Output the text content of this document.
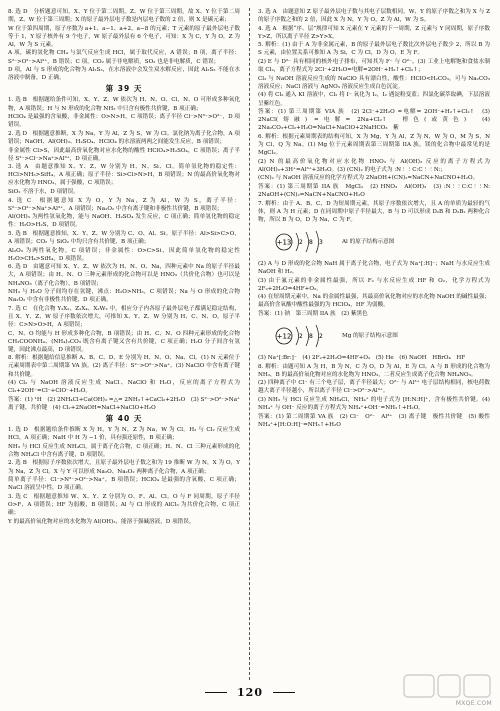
8. 选 D　分析题意可知，X、Y 位于第二周期，Z、W 位于第三周期，故 X、Y 位于第二周期，Z、W 位于第三周期；X 的原子最外层电子数是内层电子数的 2 倍，则 X 是碳元素；

W 位于第四周期，原子序数为 a+1、a−1、a+2、a−8 的元素；T 元素的原子最外层电子数等于 1，Y 原子核外有 9 个电子，W 原子最外层有 6 个电子，可知：X 为 C，Y 为 O，Z 为 Al，W 为 S 元素。

A 项，碳的氢化物 CH₄ 与氯气反应生成 HCl，属于取代反应，A 错误；B 项，离子半径：S²⁻>O²⁻>Al³⁺，B 错误；C 项，CO₂ 属于非电解质，SO₂ 也是非电解质，C 错误；

D 项，Al 与 S 形成的化合物为 Al₂S₃，在水溶液中会发生双水解反应，因此 Al₂S₃ 不能在水溶液中制备，D 正确。

第 39 天

1. 选 B　根据题给条件可知，X、Y、Z、W 依次为 H、N、O、Cl，N、O 可形成多种氧化物，A 项错误；H 与 N 形成的化合物 NH₃ 中只含有极性共价键，B 项正确；

HClO₄ 是最强的含氧酸，非金属性：O>N>H，C 项错误；离子半径 Cl⁻>N³⁻>O²⁻，D 项错误。

2. 选 D　根据题意推断，X 为 Na，Y 为 Al，Z 为 S，W 为 Cl。氯化钠为离子化合物，A 项错误；NaOH、Al(OH)₃、H₂SO₄、HClO₄ 的水溶液两两之间能发生反应，B 项错误；

非金属性 Cl>S，因此最高价氧化物对应水化物的酸性 HClO₄>H₂SO₄，C 项错误；离子半径 S²⁻>Cl⁻>Na⁺>Al³⁺，D 项正确。

3. 选 A　由题意推知 X、Y、Z、W 分别为 H、N、Si、Cl。简单氢化物的稳定性：HCl>NH₃>SiH₄，A 项正确；原子半径：Si>Cl>N>H，B 项错误；N 的最高价氧化物对应水化物为 HNO₃，属于强酸，C 项错误；

SiO₂ 不溶于水，D 项错误。

4. 选 C　根据题意知 X 为 O，Y 为 Na，Z 为 Al，W 为 S，离子半径：S²⁻>O²⁻>Na⁺>Al³⁺，A 项错误；Na₂O₂ 中含有离子键和非极性共价键，B 项错误；

Al(OH)₃ 为两性氢氧化物，能与 NaOH、H₂SO₄ 发生反应，C 项正确；简单氢化物的稳定性：H₂O>H₂S，D 项错误。

5. 选 B　根据题意推知，X、Y、Z、W 分别为 C、O、Al、Si。原子半径：Al>Si>C>O，A 项错误；CO₂ 与 SiO₂ 中均只含有共价键，B 项正确；

Al₂O₃ 为两性氧化物，C 项错误；非金属性：O>C>Si，因此简单氢化物的稳定性 H₂O>CH₄>SiH₄，D 项错误。

6. 选 D　由题意可知 X、Y、Z、W 依次为 H、N、O、Na，四种元素中 Na 的原子半径最大，A 项错误；由 H、N、O 三种元素形成的化合物可以是 HNO₃（共价化合物）也可以是 NH₄NO₃（离子化合物），B 项错误；

NH₃ 与 H₂O 分子间均存在氢键，沸点：H₂O>NH₃，C 项错误；Na 与 O 形成的化合物 Na₂O₂ 中含有非极性共价键，D 项正确。

7. 选 C　在化合物 Y₂X₂、Z₂X₄、X₂W₂ 中，相应分子内各原子最外层电子都满足稳定结构，且 X、Y、Z、W 原子序数依次增大，可推知 X、Y、Z、W 分别为 H、C、N、O。原子半径：C>N>O>H，A 项错误；

C、N、O 均能与 H 形成多种化合物，B 项错误；由 H、C、N、O 四种元素形成的化合物 CH₃COONH₄、(NH₄)₂CO₃ 既含有离子键又含有共价键，C 项正确；H₂O 分子间含有氢键，因此沸点最高，D 项错误。

8. 解析：根据题给信息推断 A、B、C、D、E 分别为 H、N、O、Na、Cl。(1) N 元素位于元素周期表中第二周期第 VA 族。(2) 离子半径：S²⁻>O²⁻>Na⁺。(3) NaClO 中含有离子键和共价键。

(4) Cl₂ 与 NaOH 溶液反应生成 NaCl、NaClO 和 H₂O，反应的离子方程式为 Cl₂+2OH⁻=Cl⁻+ClO⁻+H₂O。

答案：(1) ¹H　(2) 2NH₄Cl+Ca(OH)₂ =△= 2NH₃↑+CaCl₂+2H₂O　(3) S²⁻>O²⁻>Na⁺　离子键、共价键　(4) Cl₂+2NaOH=NaCl+NaClO+H₂O

第 40 天

1. 选 D　根据题给条件推断 X 为 H，Y 为 N，Z 为 Na，W 为 Cl。H₂ 与 Cl₂ 反应生成 HCl，A 项正确；NaH 中 H 为 −1 价，具有强还原性，B 项正确；

NH₃ 与 HCl 反应生成 NH₄Cl，属于离子化合物，C 项正确；H、N、Cl 三种元素形成的化合物 NH₄Cl 中含有离子键，D 项错误。

2. 选 B　根据原子序数依次增大，且原子最外层电子数之和为 19 推断 W 为 N，X 为 O，Y 为 Na，Z 为 Cl。X 与 Y 可以形成 Na₂O、Na₂O₂ 两种离子化合物，A 项正确；

简单离子半径：Cl⁻>N³⁻>O²⁻>Na⁺，B 项错误；HClO₄ 是最强的含氧酸，C 项正确；NaCl 溶液呈中性，D 项正确。

3. 选 C　根据题意推知 W、X、Y、Z 分别为 O、F、Al、Cl。O 与 F 同周期，原子半径 O>F，A 项错误；HF 为弱酸，B 项错误；Al 与 Cl 形成的 AlCl₃ 为共价化合物，C 项正确；

Y 的最高价氧化物对应的水化物为 Al(OH)₃，能溶于强碱溶液，D 项错误。

3. 选 A　由题意知 Z 原子最外层电子数与其电子层数相同，W、Y 的原子序数之和为 X 与 Z 的原子序数之和的 2 倍，因此 X 为 N，Y 为 O，Z 为 Al，W 为 S。

4. 选 A　根据“序、层”规律可知 X 元素在 Y 元素的下一周期，Z 元素与 Y 同周期，原子序数 Y>Z，所以离子半径 Z>Y>X。

5. 解析：(1) 由于 A 为非金属元素，B 的原子最外层电子数比次外层电子数少 2，所以 B 为 S 元素，由位置关系可推知 A 为 Si，C 为 Cl，D 为 O，E 为 F。

(2) E 与 D²⁻ 具有相同的核外电子排布，可知其为 F⁻ 与 O²⁻。(3) 工业上电解饱和食盐水制取 Cl₂，离子方程式为 2Cl⁻+2H₂O=电解=2OH⁻+H₂↑+Cl₂↑；

Cl₂ 与 NaOH 溶液反应生成的 NaClO 具有漂白性，酸性：HClO<H₂CO₃，可与 Na₂CO₃ 溶液反应；NaCl 溶液与 AgNO₃ 溶液反应生成白色沉淀。

(4) 将 Cl₂ 通入 KI 溶液中，Cl₂ 将 I⁻ 氧化为 I₂，I₂ 遇淀粉变蓝；四氯化碳萃取碘，下层溶液呈紫红色。

答案：(1) 第三周期第 VIA 族　(2) 2Cl⁻+2H₂O =电解= 2OH⁻+H₂↑+Cl₂↑　(3) 2NaCl(熔融) =电解= 2Na+Cl₂↑　橙色(或黄色)　(4) 2Na₂CO₃+Cl₂+H₂O=NaCl+NaClO+2NaHCO₃　紫

6. 解析：根据元素周期表的结构可知，X 为 Mg，Y 为 Al，Z 为 N，W 为 O，M 为 S，N 为 Cl，Q 为 Na。(1) Mg 位于元素周期表第三周期第 IIA 族，镁的化合物中最常见的是 MgCl₂。

(2) N 的最高价氧化物对应水化物 HNO₃ 与 Al(OH)₃ 反应的离子方程式为 Al(OH)₃+3H⁺=Al³⁺+3H₂O。(3) (CN)₂ 的电子式为 :N⋮⋮C:C⋮⋮N:；

(CN)₂ 与 NaOH 溶液反应的化学方程式为 2NaOH+(CN)₂=NaCN+NaCNO+H₂O。

答案：(1) 第三周期第 IIA 族　MgCl₂　(2) HNO₃　Al(OH)₃　(3) :N⋮⋮C:C⋮⋮N:　2NaOH+(CN)₂=NaCN+NaCNO+H₂O

7. 解析：由于 A、B、C、D 为短周期元素，其原子序数依次增大，且 A 的单质为最轻的气体，则 A 为 H 元素；D 在同周期中原子半径最大，B 与 D 可以形成 D₂B 和 D₂B₂ 两种化合物，所以 B 为 O，D 为 Na，C 为 F。

+13 2 8 3	Al 的原子结构示意图

(2) A 与 D 形成的化合物 NaH 属于离子化合物，电子式为 Na⁺[:H]⁻；NaH 与水反应生成 NaOH 和 H₂。

(3) 由于氟元素的非金属性最强，所以 F₂ 与水反应生成 HF 和 O₂，化学方程式为 2F₂+2H₂O=4HF+O₂。

(4) 在短周期元素中，Na 的金属性最强，其最高价氧化物对应的水化物 NaOH 的碱性最强；最高价含氧酸中酸性最强的为 HClO₄，HF 为弱酸。

答案：(1) 钠　第三周期 IIA 族　(2) 紫黑色

+12 2 8 2	Mg 的原子结构示意图

(3) Na⁺[:Br:]⁻　(4) 2F₂+2H₂O=4HF+O₂　(5) He　(6) NaOH　HBrO₄　HF

8. 解析：由题可知 A 为 H，B 为 N，C 为 O，D 为 Al，E 为 Cl。A 与 B 形成的化合物为 NH₃，B 的最高价氧化物对应的水化物为 HNO₃，二者反应生成离子化合物 NH₄NO₃。

(2) 四种离子中 Cl⁻ 有三个电子层，离子半径最大；O²⁻ 与 Al³⁺ 电子层结构相同，核电荷数越大离子半径越小，所以离子半径 Cl⁻>O²⁻>Al³⁺。

(3) NH₃ 与 HCl 反应生成 NH₄Cl，NH₄⁺ 的电子式为 [H:N:H]⁺，含有极性共价键。(4) NH₄⁺ 与 OH⁻ 反应的离子方程式为 NH₄⁺+OH⁻=NH₃↑+H₂O。

答案：(1) 第二周期第 VA 族　(2) Cl⁻　O²⁻　Al³⁺　(3) 离子键　极性共价键　(5) 酸性　NH₄⁺+[H:O:H]⁻=NH₃↑+H₂O

120
MXQE.COM
